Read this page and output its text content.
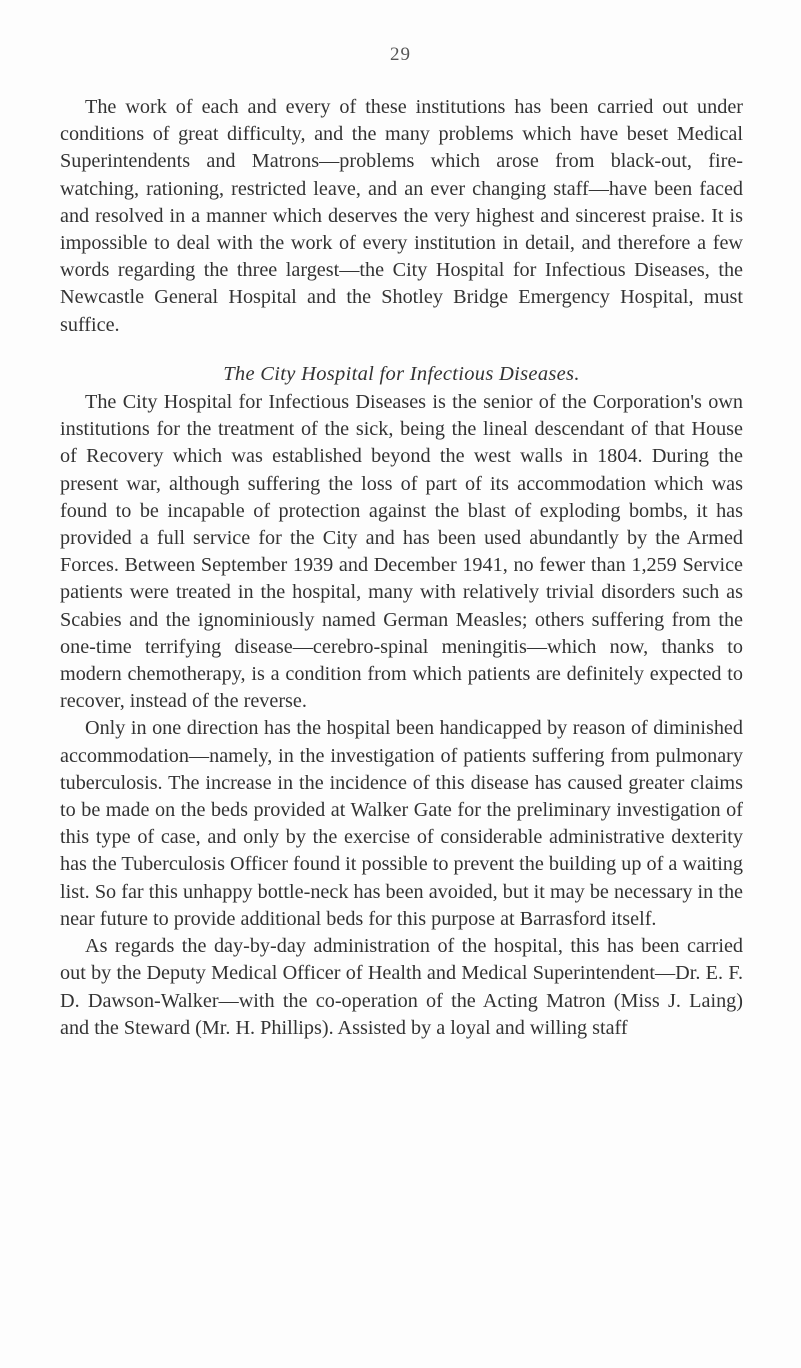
29

The work of each and every of these institutions has been carried out under conditions of great difficulty, and the many problems which have beset Medical Superintendents and Matrons—problems which arose from black-out, fire-watching, rationing, restricted leave, and an ever changing staff—have been faced and resolved in a manner which deserves the very highest and sincerest praise. It is impossible to deal with the work of every institution in detail, and therefore a few words regarding the three largest—the City Hospital for Infectious Diseases, the Newcastle General Hospital and the Shotley Bridge Emergency Hospital, must suffice.

The City Hospital for Infectious Diseases.

The City Hospital for Infectious Diseases is the senior of the Corporation's own institutions for the treatment of the sick, being the lineal descendant of that House of Recovery which was established beyond the west walls in 1804. During the present war, although suffering the loss of part of its accommodation which was found to be incapable of protection against the blast of exploding bombs, it has provided a full service for the City and has been used abundantly by the Armed Forces. Between September 1939 and December 1941, no fewer than 1,259 Service patients were treated in the hospital, many with relatively trivial disorders such as Scabies and the ignominiously named German Measles; others suffering from the one-time terrifying disease—cerebro-spinal meningitis—which now, thanks to modern chemotherapy, is a condition from which patients are definitely expected to recover, instead of the reverse.

Only in one direction has the hospital been handicapped by reason of diminished accommodation—namely, in the investigation of patients suffering from pulmonary tuberculosis. The increase in the incidence of this disease has caused greater claims to be made on the beds provided at Walker Gate for the preliminary investigation of this type of case, and only by the exercise of considerable administrative dexterity has the Tuberculosis Officer found it possible to prevent the building up of a waiting list. So far this unhappy bottle-neck has been avoided, but it may be necessary in the near future to provide additional beds for this purpose at Barrasford itself.

As regards the day-by-day administration of the hospital, this has been carried out by the Deputy Medical Officer of Health and Medical Superintendent—Dr. E. F. D. Dawson-Walker—with the co-operation of the Acting Matron (Miss J. Laing) and the Steward (Mr. H. Phillips). Assisted by a loyal and willing staff
